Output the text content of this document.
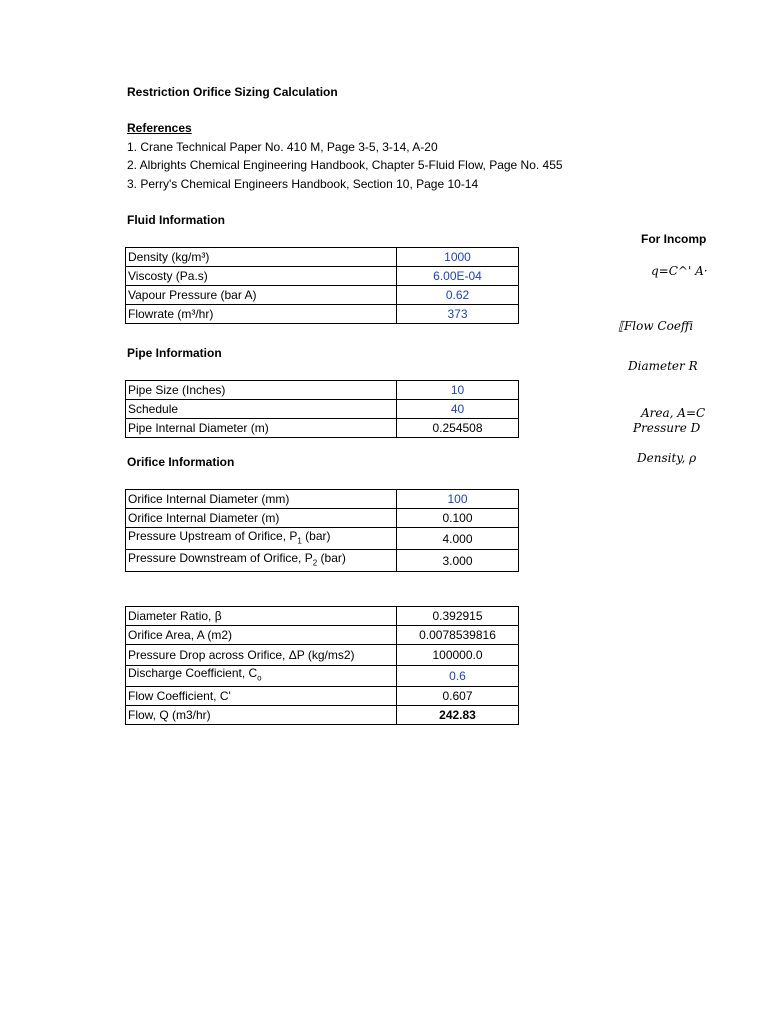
Restriction Orifice Sizing Calculation
References
1. Crane Technical Paper No. 410 M, Page 3-5, 3-14, A-20
2. Albrights Chemical Engineering Handbook, Chapter 5-Fluid Flow, Page No. 455
3. Perry's Chemical Engineers Handbook, Section 10, Page 10-14
Fluid Information
Density (kg/m³)	1000
Viscosty (Pa.s)	6.00E-04
Vapour Pressure (bar A)	0.62
Flowrate (m³/hr)	373
Pipe Information
Pipe Size (Inches)	10
Schedule	40
Pipe Internal Diameter (m)	0.254508
Orifice Information
Orifice Internal Diameter (mm)	100
Orifice Internal Diameter (m)	0.100
Pressure Upstream of Orifice, $P_1$ (bar)	4.000
Pressure Downstream of Orifice, $P_2$ (bar)	3.000
Diameter Ratio, β	0.392915
Orifice Area, A (m2)	0.0078539816
Pressure Drop across Orifice, ΔP (kg/ms2)	100000.0
Discharge Coefficient, $C_o$	0.6
Flow Coefficient, C'	0.607
Flow, Q (m3/hr)	242.83
For Incomp
q=C^' A·
⟦Flow Coeffi
Diameter R
Area, A=C
Pressure D
Density, ρ
